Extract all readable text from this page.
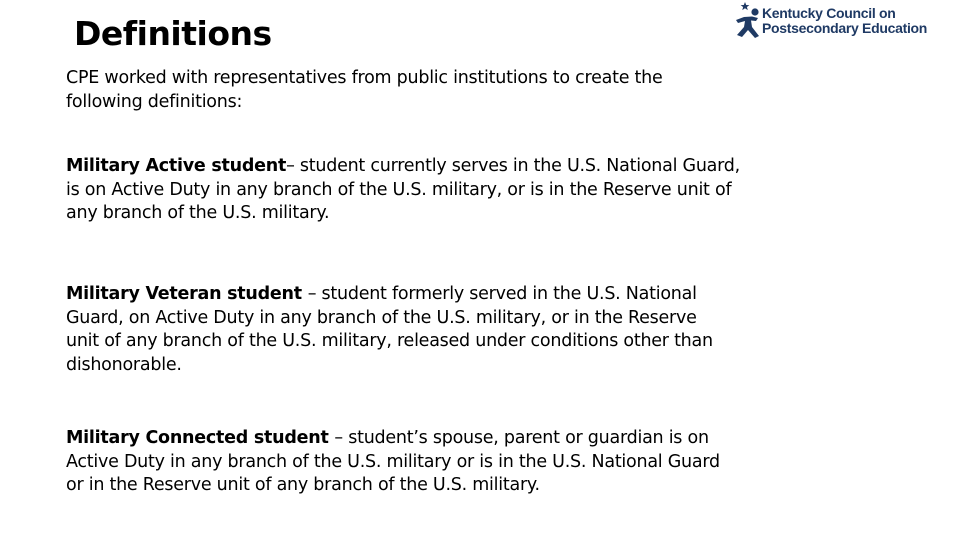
Definitions
Kentucky Council on
Postsecondary Education
CPE worked with representatives from public institutions to create the
following definitions:
Military Active student– student currently serves in the U.S. National Guard,
is on Active Duty in any branch of the U.S. military, or is in the Reserve unit of
any branch of the U.S. military.
Military Veteran student – student formerly served in the U.S. National
Guard, on Active Duty in any branch of the U.S. military, or in the Reserve
unit of any branch of the U.S. military, released under conditions other than
dishonorable.
Military Connected student – student’s spouse, parent or guardian is on
Active Duty in any branch of the U.S. military or is in the U.S. National Guard
or in the Reserve unit of any branch of the U.S. military.
